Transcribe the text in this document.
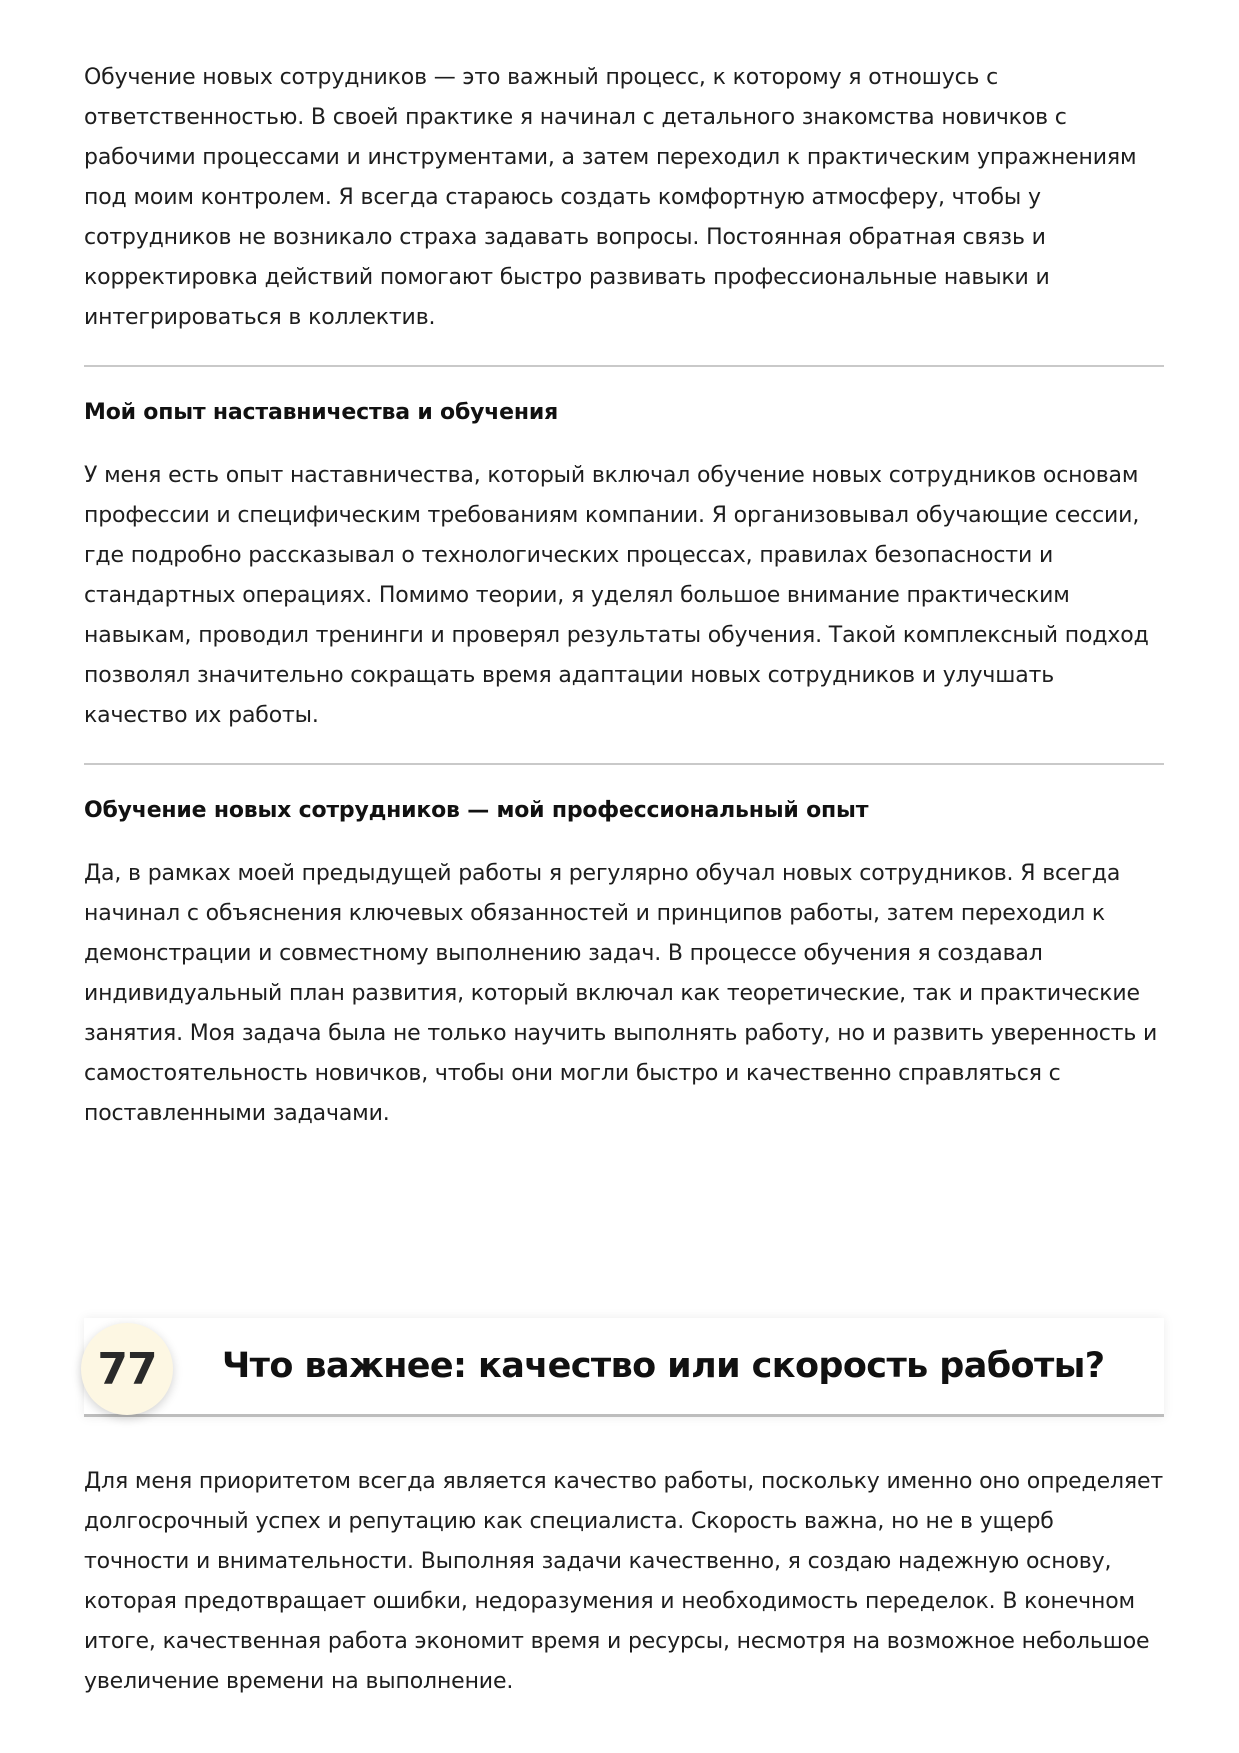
Обучение новых сотрудников — это важный процесс, к которому я отношусь с ответственностью. В своей практике я начинал с детального знакомства новичков с рабочими процессами и инструментами, а затем переходил к практическим упражнениям под моим контролем. Я всегда стараюсь создать комфортную атмосферу, чтобы у сотрудников не возникало страха задавать вопросы. Постоянная обратная связь и корректировка действий помогают быстро развивать профессиональные навыки и интегрироваться в коллектив.

Мой опыт наставничества и обучения

У меня есть опыт наставничества, который включал обучение новых сотрудников основам профессии и специфическим требованиям компании. Я организовывал обучающие сессии, где подробно рассказывал о технологических процессах, правилах безопасности и стандартных операциях. Помимо теории, я уделял большое внимание практическим навыкам, проводил тренинги и проверял результаты обучения. Такой комплексный подход позволял значительно сокращать время адаптации новых сотрудников и улучшать качество их работы.

Обучение новых сотрудников — мой профессиональный опыт

Да, в рамках моей предыдущей работы я регулярно обучал новых сотрудников. Я всегда начинал с объяснения ключевых обязанностей и принципов работы, затем переходил к демонстрации и совместному выполнению задач. В процессе обучения я создавал индивидуальный план развития, который включал как теоретические, так и практические занятия. Моя задача была не только научить выполнять работу, но и развить уверенность и самостоятельность новичков, чтобы они могли быстро и качественно справляться с поставленными задачами.

77	Что важнее: качество или скорость работы?

Для меня приоритетом всегда является качество работы, поскольку именно оно определяет долгосрочный успех и репутацию как специалиста. Скорость важна, но не в ущерб точности и внимательности. Выполняя задачи качественно, я создаю надежную основу, которая предотвращает ошибки, недоразумения и необходимость переделок. В конечном итоге, качественная работа экономит время и ресурсы, несмотря на возможное небольшое увеличение времени на выполнение.
